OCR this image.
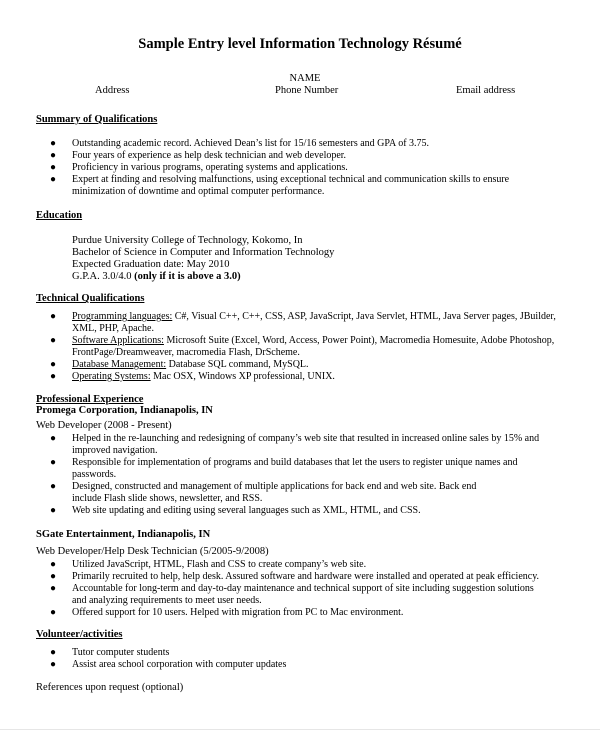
Sample Entry level Information Technology Résumé
NAME
Address	Phone Number	Email address
Summary of Qualifications
● Outstanding academic record. Achieved Dean’s list for 15/16 semesters and GPA of 3.75.
● Four years of experience as help desk technician and web developer.
● Proficiency in various programs, operating systems and applications.
● Expert at finding and resolving malfunctions, using exceptional technical and communication skills to ensure
minimization of downtime and optimal computer performance.
Education
Purdue University College of Technology, Kokomo, In
Bachelor of Science in Computer and Information Technology
Expected Graduation date: May 2010
G.P.A. 3.0/4.0 (only if it is above a 3.0)
Technical Qualifications
● Programming languages: C#, Visual C++, C++, CSS, ASP, JavaScript, Java Servlet, HTML, Java Server pages, JBuilder,
XML, PHP, Apache.
● Software Applications: Microsoft Suite (Excel, Word, Access, Power Point), Macromedia Homesuite, Adobe Photoshop,
FrontPage/Dreamweaver, macromedia Flash, DrScheme.
● Database Management: Database SQL command, MySQL.
● Operating Systems: Mac OSX, Windows XP professional, UNIX.
Professional Experience
Promega Corporation, Indianapolis, IN
Web Developer (2008 - Present)
● Helped in the re-launching and redesigning of company’s web site that resulted in increased online sales by 15% and
improved navigation.
● Responsible for implementation of programs and build databases that let the users to register unique names and
passwords.
● Designed, constructed and management of multiple applications for back end and web site. Back end
include Flash slide shows, newsletter, and RSS.
● Web site updating and editing using several languages such as XML, HTML, and CSS.
SGate Entertainment, Indianapolis, IN
Web Developer/Help Desk Technician (5/2005-9/2008)
● Utilized JavaScript, HTML, Flash and CSS to create company’s web site.
● Primarily recruited to help, help desk. Assured software and hardware were installed and operated at peak efficiency.
● Accountable for long-term and day-to-day maintenance and technical support of site including suggestion solutions
and analyzing requirements to meet user needs.
● Offered support for 10 users. Helped with migration from PC to Mac environment.
Volunteer/activities
● Tutor computer students
● Assist area school corporation with computer updates
References upon request (optional)
